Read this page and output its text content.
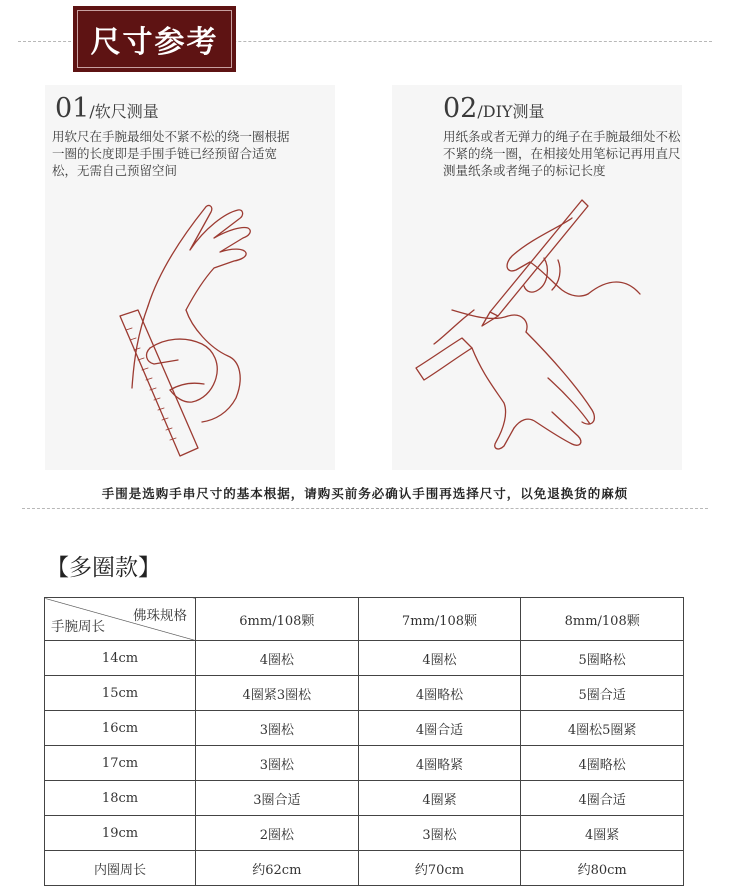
尺寸参考
01/软尺测量
用软尺在手腕最细处不紧不松的绕一圈根据一圈的长度即是手围手链已经预留合适宽松，无需自己预留空间
02/DIY测量
用纸条或者无弹力的绳子在手腕最细处不松不紧的绕一圈，在相接处用笔标记再用直尺测量纸条或者绳子的标记长度
手围是选购手串尺寸的基本根据，请购买前务必确认手围再选择尺寸，以免退换货的麻烦
【多圈款】
佛珠规格
手腕周长	6mm/108颗	7mm/108颗	8mm/108颗
14cm	4圈松	4圈松	5圈略松
15cm	4圈紧3圈松	4圈略松	5圈合适
16cm	3圈松	4圈合适	4圈松5圈紧
17cm	3圈松	4圈略紧	4圈略松
18cm	3圈合适	4圈紧	4圈合适
19cm	2圈松	3圈松	4圈紧
内圈周长	约62cm	约70cm	约80cm
